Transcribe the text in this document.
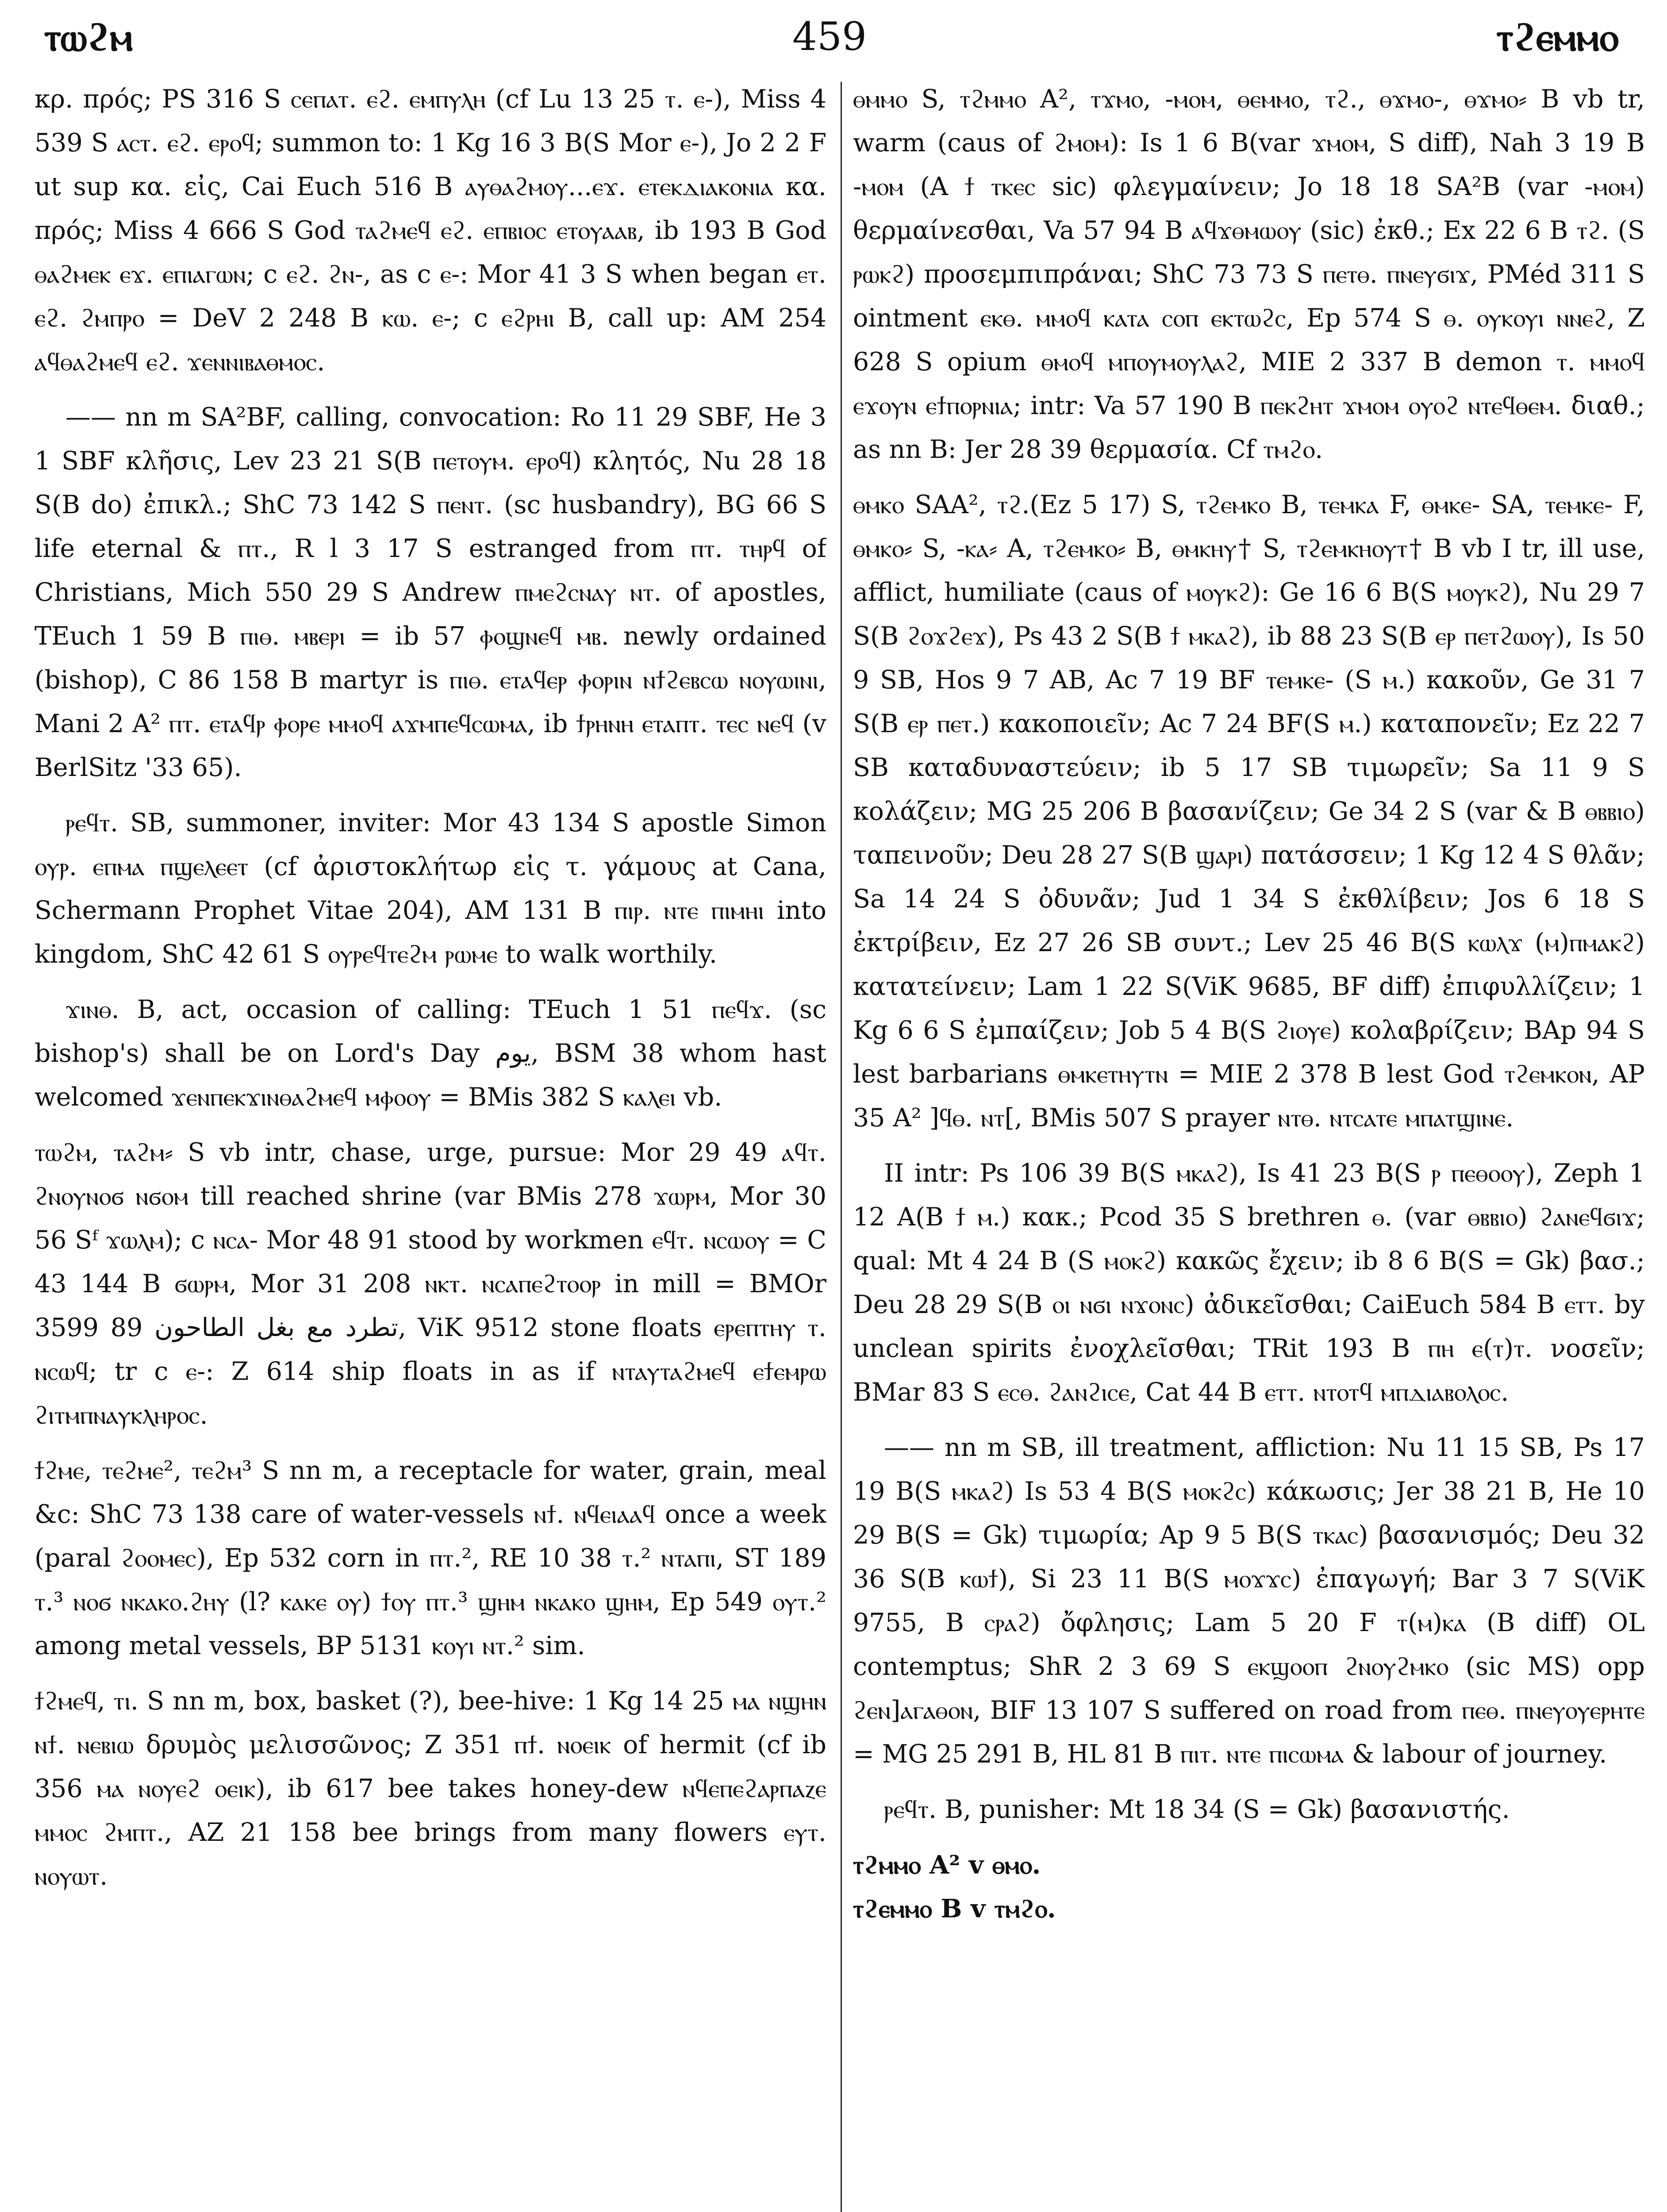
ⲧⲱϩⲙ	459	ⲧϩⲉⲙⲙⲟ

κρ. πρός; PS 316 S ⲥⲉⲡⲁⲧ. ⲉϩ. ⲉⲙⲡⲩⲗⲏ (cf Lu 13 25 ⲧ. ⲉ-), Miss 4 539 S ⲁⲥⲧ. ⲉϩ. ⲉⲣⲟϥ; summon to: 1 Kg 16 3 B(S Mor ⲉ-), Jo 2 2 F ut sup κα. εἰς, Cai Euch 516 B ⲁⲩⲑⲁϩⲙⲟⲩ...ⲉϫ. ⲉⲧⲉⲕⲇⲓⲁⲕⲟⲛⲓⲁ κα. πρός; Miss 4 666 S God ⲧⲁϩⲙⲉϥ ⲉϩ. ⲉⲡⲃⲓⲟⲥ ⲉⲧⲟⲩⲁⲁⲃ, ib 193 B God ⲑⲁϩⲙⲉⲕ ⲉϫ. ⲉⲡⲓⲁⲅⲱⲛ; c ⲉϩ. ϩⲛ-, as c ⲉ-: Mor 41 3 S when began ⲉⲧ. ⲉϩ. ϩⲙⲡⲣⲟ = DeV 2 248 B ⲕⲱ. ⲉ-; c ⲉϩⲣⲏⲓ B, call up: AM 254 ⲁϥⲑⲁϩⲙⲉϥ ⲉϩ. ϫⲉⲛⲛⲓⲃⲁⲑⲙⲟⲥ.

—— nn m SA²BF, calling, convocation: Ro 11 29 SBF, He 3 1 SBF κλῆσις, Lev 23 21 S(B ⲡⲉⲧⲟⲩⲙ. ⲉⲣⲟϥ) κλητός, Nu 28 18 S(B do) ἐπικλ.; ShC 73 142 S ⲡⲉⲛⲧ. (sc husbandry), BG 66 S life eternal & ⲡⲧ., R l 3 17 S estranged from ⲡⲧ. ⲧⲏⲣϥ of Christians, Mich 550 29 S Andrew ⲡⲙⲉϩⲥⲛⲁⲩ ⲛⲧ. of apostles, TEuch 1 59 B ⲡⲓⲑ. ⲙⲃⲉⲣⲓ = ib 57 ⲫⲟϣⲛⲉϥ ⲙⲃ. newly ordained (bishop), C 86 158 B martyr is ⲡⲓⲑ. ⲉⲧⲁϥⲉⲣ ⲫⲟⲣⲓⲛ ⲛϯϩⲉⲃⲥⲱ ⲛⲟⲩⲱⲓⲛⲓ, Mani 2 A² ⲡⲧ. ⲉⲧⲁϥⲣ ⲫⲟⲣⲉ ⲙⲙⲟϥ ⲁϫⲙⲡⲉϥⲥⲱⲙⲁ, ib ϯⲣⲏⲛⲏ ⲉⲧⲁⲡⲧ. ⲧⲉⲥ ⲛⲉϥ (v BerlSitz '33 65).

ⲣⲉϥⲧ. SB, summoner, inviter: Mor 43 134 S apostle Simon ⲟⲩⲣ. ⲉⲡⲙⲁ ⲡϣⲉⲗⲉⲉⲧ (cf ἀριστοκλήτωρ εἰς τ. γάμους at Cana, Schermann Prophet Vitae 204), AM 131 B ⲡⲓⲣ. ⲛⲧⲉ ⲡⲓⲙⲏⲓ into kingdom, ShC 42 61 S ⲟⲩⲣⲉϥⲧⲉϩⲙ ⲣⲱⲙⲉ to walk worthily.

ϫⲓⲛⲑ. B, act, occasion of calling: TEuch 1 51 ⲡⲉϥϫ. (sc bishop's) shall be on Lord's Day يوم, BSM 38 whom hast welcomed ϫⲉⲛⲡⲉⲕϫⲓⲛⲑⲁϩⲙⲉϥ ⲙⲫⲟⲟⲩ = BMis 382 S ⲕⲁⲗⲉⲓ vb.

ⲧⲱϩⲙ, ⲧⲁϩⲙ⸗ S vb intr, chase, urge, pursue: Mor 29 49 ⲁϥⲧ. ϩⲛⲟⲩⲛⲟϭ ⲛϭⲟⲙ till reached shrine (var BMis 278 ϫⲱⲣⲙ, Mor 30 56 Sᶠ ϫⲱⲗⲙ); c ⲛⲥⲁ- Mor 48 91 stood by workmen ⲉϥⲧ. ⲛⲥⲱⲟⲩ = C 43 144 B ϭⲱⲣⲙ, Mor 31 208 ⲛⲕⲧ. ⲛⲥⲁⲡⲉϩⲧⲟⲟⲣ in mill = BMOr 3599 89 تطرد مع بغل الطاحون, ViK 9512 stone floats ⲉⲣⲉⲡⲧⲏⲩ ⲧ. ⲛⲥⲱϥ; tr c ⲉ-: Z 614 ship floats in as if ⲛⲧⲁⲩⲧⲁϩⲙⲉϥ ⲉϯⲉⲙⲣⲱ ϩⲓⲧⲙⲡⲛⲁⲩⲕⲗⲏⲣⲟⲥ.

ϯϩⲙⲉ, ⲧⲉϩⲙⲉ², ⲧⲉϩⲙ³ S nn m, a receptacle for water, grain, meal &c: ShC 73 138 care of water-vessels ⲛϯ. ⲛϥⲉⲓⲁⲁϥ once a week (paral ϩⲟⲟⲙⲉⲥ), Ep 532 corn in ⲡⲧ.², RE 10 38 ⲧ.² ⲛⲧⲁⲡⲓ, ST 189 ⲧ.³ ⲛⲟϭ ⲛⲕⲁⲕⲟ.ϩⲏⲩ (l? ⲕⲁⲕⲉ ⲟⲩ) ϯⲟⲩ ⲡⲧ.³ ϣⲏⲙ ⲛⲕⲁⲕⲟ ϣⲏⲙ, Ep 549 ⲟⲩⲧ.² among metal vessels, BP 5131 ⲕⲟⲩⲓ ⲛⲧ.² sim.

ϯϩⲙⲉϥ, ⲧⲓ. S nn m, box, basket (?), bee-hive: 1 Kg 14 25 ⲙⲁ ⲛϣⲏⲛ ⲛϯ. ⲛⲉⲃⲓⲱ δρυμὸς μελισσῶνος; Z 351 ⲡϯ. ⲛⲟⲉⲓⲕ of hermit (cf ib 356 ⲙⲁ ⲛⲟⲩⲉϩ ⲟⲉⲓⲕ), ib 617 bee takes honey-dew ⲛϥⲉⲡⲉϩⲁⲣⲡⲁⲍⲉ ⲙⲙⲟⲥ ϩⲙⲡⲧ., AZ 21 158 bee brings from many flowers ⲉⲩⲧ. ⲛⲟⲩⲱⲧ.

ⲑⲙⲙⲟ S, ⲧϩⲙⲙⲟ A², ⲧϫⲙⲟ, -ⲙⲟⲙ, ⲑⲉⲙⲙⲟ, ⲧϩ., ⲑϫⲙⲟ-, ⲑϫⲙⲟ⸗ B vb tr, warm (caus of ϩⲙⲟⲙ): Is 1 6 B(var ϫⲙⲟⲙ, S diff), Nah 3 19 B -ⲙⲟⲙ (A ϯ ⲧⲕⲉⲥ sic) φλεγμαίνειν; Jo 18 18 SA²B (var -ⲙⲟⲙ) θερμαίνεσθαι, Va 57 94 B ⲁϥϫⲑⲙⲱⲟⲩ (sic) ἐκθ.; Ex 22 6 B ⲧϩ. (S ⲣⲱⲕϩ) προσεμπιπράναι; ShC 73 73 S ⲡⲉⲧⲑ. ⲡⲛⲉⲩϭⲓϫ, PMéd 311 S ointment ⲉⲕⲑ. ⲙⲙⲟϥ ⲕⲁⲧⲁ ⲥⲟⲡ ⲉⲕⲧⲱϩⲥ, Ep 574 S ⲑ. ⲟⲩⲕⲟⲩⲓ ⲛⲛⲉϩ, Z 628 S opium ⲑⲙⲟϥ ⲙⲡⲟⲩⲙⲟⲩⲗⲁϩ, MIE 2 337 B demon ⲧ. ⲙⲙⲟϥ ⲉϫⲟⲩⲛ ⲉϯⲡⲟⲣⲛⲓⲁ; intr: Va 57 190 B ⲡⲉⲕϩⲏⲧ ϫⲙⲟⲙ ⲟⲩⲟϩ ⲛⲧⲉϥⲑⲉⲙ. διαθ.; as nn B: Jer 28 39 θερμασία. Cf ⲧⲙϩⲟ.

ⲑⲙⲕⲟ SAA², ⲧϩ.(Ez 5 17) S, ⲧϩⲉⲙⲕⲟ B, ⲧⲉⲙⲕⲁ F, ⲑⲙⲕⲉ- SA, ⲧⲉⲙⲕⲉ- F, ⲑⲙⲕⲟ⸗ S, -ⲕⲁ⸗ A, ⲧϩⲉⲙⲕⲟ⸗ B, ⲑⲙⲕⲏⲩ† S, ⲧϩⲉⲙⲕⲏⲟⲩⲧ† B vb I tr, ill use, afflict, humiliate (caus of ⲙⲟⲩⲕϩ): Ge 16 6 B(S ⲙⲟⲩⲕϩ), Nu 29 7 S(B ϩⲟϫϩⲉϫ), Ps 43 2 S(B ϯ ⲙⲕⲁϩ), ib 88 23 S(B ⲉⲣ ⲡⲉⲧϩⲱⲟⲩ), Is 50 9 SB, Hos 9 7 AB, Ac 7 19 BF ⲧⲉⲙⲕⲉ- (S ⲙ.) κακοῦν, Ge 31 7 S(B ⲉⲣ ⲡⲉⲧ.) κακοποιεῖν; Ac 7 24 BF(S ⲙ.) καταπονεῖν; Ez 22 7 SB καταδυναστεύειν; ib 5 17 SB τιμωρεῖν; Sa 11 9 S κολάζειν; MG 25 206 B βασανίζειν; Ge 34 2 S (var & B ⲑⲃⲃⲓⲟ) ταπεινοῦν; Deu 28 27 S(B ϣⲁⲣⲓ) πατάσσειν; 1 Kg 12 4 S θλᾶν; Sa 14 24 S ὀδυνᾶν; Jud 1 34 S ἐκθλίβειν; Jos 6 18 S ἐκτρίβειν, Ez 27 26 SB συντ.; Lev 25 46 B(S ⲕⲱⲗϫ (ⲙ)ⲡⲙⲁⲕϩ) κατατείνειν; Lam 1 22 S(ViK 9685, BF diff) ἐπιφυλλίζειν; 1 Kg 6 6 S ἐμπαίζειν; Job 5 4 B(S ϩⲓⲟⲩⲉ) κολαβρίζειν; BAp 94 S lest barbarians ⲑⲙⲕⲉⲧⲏⲩⲧⲛ = MIE 2 378 B lest God ⲧϩⲉⲙⲕⲟⲛ, AP 35 A² ]ϥⲑ. ⲛⲧ[, BMis 507 S prayer ⲛⲧⲑ. ⲛⲧⲥⲁⲧⲉ ⲙⲡⲁⲧϣⲓⲛⲉ.

II intr: Ps 106 39 B(S ⲙⲕⲁϩ), Is 41 23 B(S ⲣ ⲡⲉⲑⲟⲟⲩ), Zeph 1 12 A(B ϯ ⲙ.) κακ.; Pcod 35 S brethren ⲑ. (var ⲑⲃⲃⲓⲟ) ϩⲁⲛⲉϥϭⲓϫ; qual: Mt 4 24 B (S ⲙⲟⲕϩ) κακῶς ἔχειν; ib 8 6 B(S = Gk) βασ.; Deu 28 29 S(B ⲟⲓ ⲛϭⲓ ⲛϫⲟⲛⲥ) ἀδικεῖσθαι; CaiEuch 584 B ⲉⲧⲧ. by unclean spirits ἐνοχλεῖσθαι; TRit 193 B ⲡⲏ ⲉ(ⲧ)ⲧ. νοσεῖν; BMar 83 S ⲉⲥⲑ. ϩⲁⲛϩⲓⲥⲉ, Cat 44 B ⲉⲧⲧ. ⲛⲧⲟⲧϥ ⲙⲡⲇⲓⲁⲃⲟⲗⲟⲥ.

—— nn m SB, ill treatment, affliction: Nu 11 15 SB, Ps 17 19 B(S ⲙⲕⲁϩ) Is 53 4 B(S ⲙⲟⲕϩⲥ) κάκωσις; Jer 38 21 B, He 10 29 B(S = Gk) τιμωρία; Ap 9 5 B(S ⲧⲕⲁⲥ) βασανισμός; Deu 32 36 S(B ⲕⲱϯ), Si 23 11 B(S ⲙⲟϫϫⲥ) ἐπαγωγή; Bar 3 7 S(ViK 9755, B ⲥⲣⲁϩ) ὄφλησις; Lam 5 20 F ⲧ(ⲙ)ⲕⲁ (B diff) OL contemptus; ShR 2 3 69 S ⲉⲕϣⲟⲟⲡ ϩⲛⲟⲩϩⲙⲕⲟ (sic MS) opp ϩⲉⲛ]ⲁⲅⲁⲑⲟⲛ, BIF 13 107 S suffered on road from ⲡⲉⲑ. ⲡⲛⲉⲩⲟⲩⲉⲣⲏⲧⲉ = MG 25 291 B, HL 81 B ⲡⲓⲧ. ⲛⲧⲉ ⲡⲓⲥⲱⲙⲁ & labour of journey.

ⲣⲉϥⲧ. B, punisher: Mt 18 34 (S = Gk) βασανιστής.

ⲧϩⲙⲙⲟ A² v ⲑⲙⲟ.

ⲧϩⲉⲙⲙⲟ B v ⲧⲙϩⲟ.
